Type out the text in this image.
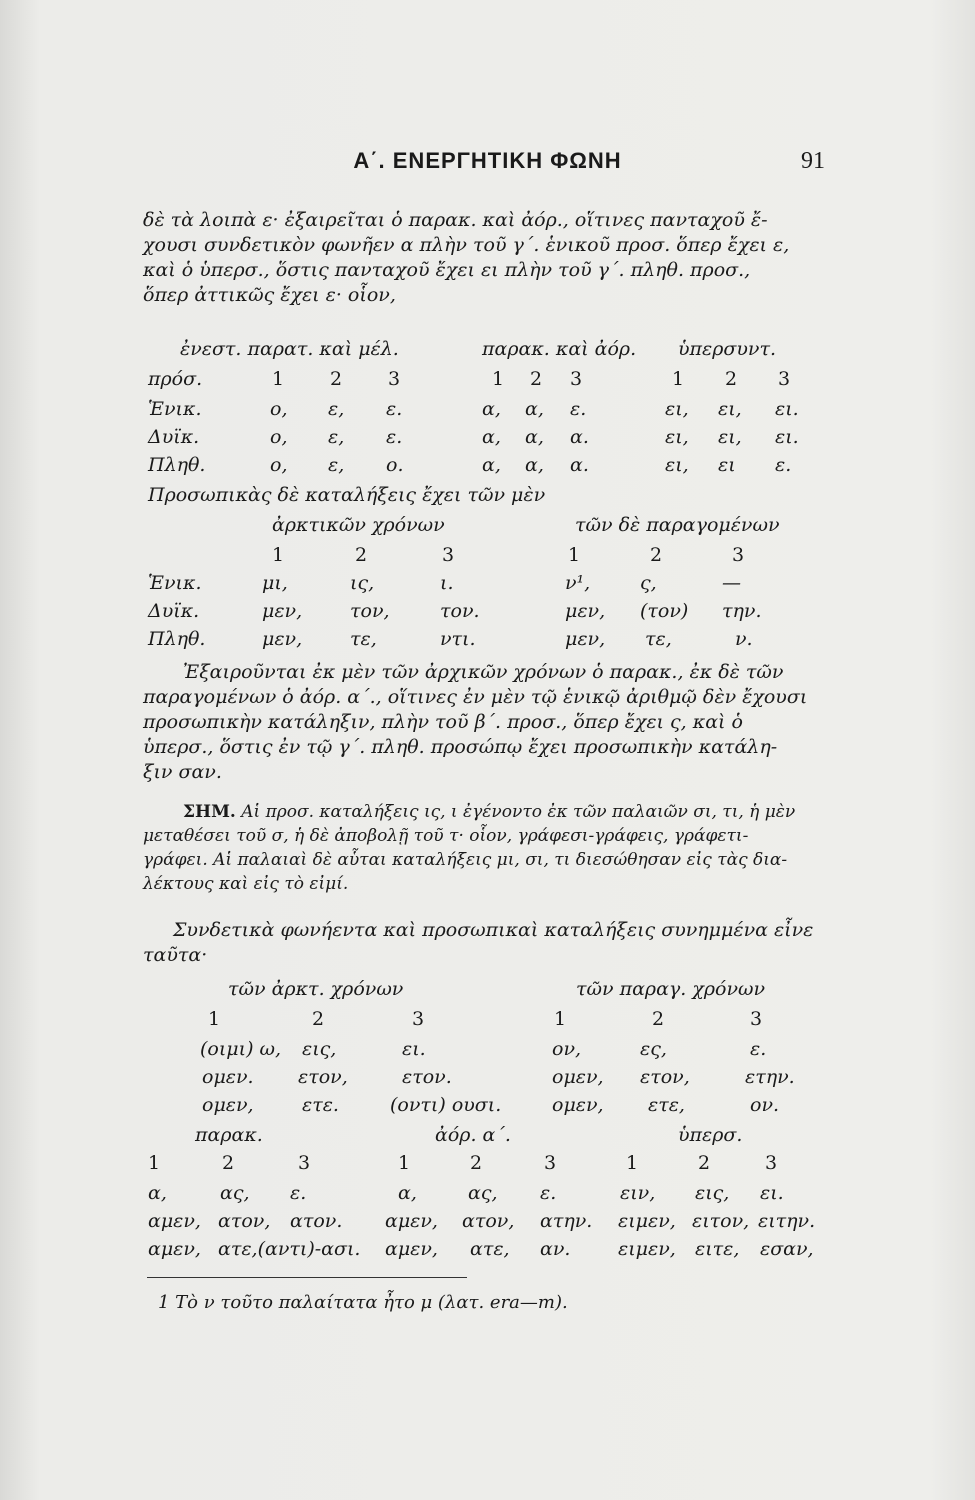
Α΄. ΕΝΕΡΓΗΤΙΚΗ ΦΩΝΗ	91
δὲ τὰ λοιπὰ ε· ἐξαιρεῖται ὁ παρακ. καὶ ἀόρ., οἵτινες πανταχοῦ ἔ-
χουσι συνδετικὸν φωνῆεν α πλὴν τοῦ γ΄. ἑνικοῦ προσ. ὅπερ ἔχει ε,
καὶ ὁ ὑπερσ., ὅστις πανταχοῦ ἔχει ει πλὴν τοῦ γ΄. πληθ. προσ.,
ὅπερ ἀττικῶς ἔχει ε· οἷον,
ἐνεστ. παρατ. καὶ μέλ.	παρακ. καὶ ἀόρ. ὑπερσυντ.
πρόσ.	1 2 3	1 2 3	1 2 3
Ἑνικ.	ο, ε, ε.	α, α, ε.	ει, ει, ει.
Δυϊκ.	ο, ε, ε.	α, α, α.	ει, ει, ει.
Πληθ.	ο, ε, ο.	α, α, α.	ει, ει ε.
Προσωπικὰς δὲ καταλήξεις ἔχει τῶν μὲν
ἀρκτικῶν χρόνων	τῶν δὲ παραγομένων
1	2	3	1	2	3
Ἑνικ.	μι,	ις,	ι.	ν¹,	ς,	—
Δυϊκ.	μεν,	τον,	τον.	μεν, (τον) την.
Πληθ.	μεν,	τε,	ντι.	μεν, τε,	ν.
Ἐξαιροῦνται ἐκ μὲν τῶν ἀρχικῶν χρόνων ὁ παρακ., ἐκ δὲ τῶν
παραγομένων ὁ ἀόρ. α΄., οἵτινες ἐν μὲν τῷ ἑνικῷ ἀριθμῷ δὲν ἔχουσι
προσωπικὴν κατάληξιν, πλὴν τοῦ β΄. προσ., ὅπερ ἔχει ς, καὶ ὁ
ὑπερσ., ὅστις ἐν τῷ γ΄. πληθ. προσώπῳ ἔχει προσωπικὴν κατάλη-
ξιν σαν.
ΣΗΜ. Αἱ προσ. καταλήξεις ις, ι ἐγένοντο ἐκ τῶν παλαιῶν σι, τι, ἡ μὲν
μεταθέσει τοῦ σ, ἡ δὲ ἀποβολῇ τοῦ τ· οἷον, γράφεσι-γράφεις, γράφετι-
γράφει. Αἱ παλαιαὶ δὲ αὗται καταλήξεις μι, σι, τι διεσώθησαν εἰς τὰς δια-
λέκτους καὶ εἰς τὸ εἰμί.
Συνδετικὰ φωνήεντα καὶ προσωπικαὶ καταλήξεις συνημμένα εἶνε
ταῦτα·
τῶν ἀρκτ. χρόνων	τῶν παραγ. χρόνων
1	2	3	1	2	3
(οιμι) ω, εις,	ει.	ον,	ες,	ε.
ομεν. ετον,	ετον.	ομεν, ετον,	ετην.
ομεν,	ετε.	(οντι) ουσι.	ομεν, ετε,	ον.
παρακ.	ἀόρ. α΄.	ὑπερσ.
1	2	3	1	2	3	1	2	3
α,	ας, ε.	α,	ας, ε.	ειν, εις, ει.
αμεν, ατον, ατον. αμεν, ατον, ατην. ειμεν, ειτον, ειτην.
αμεν, ατε,(αντι)-ασι. αμεν, ατε, αν.	ειμεν, ειτε, εσαν,
1 Τὸ ν τοῦτο παλαίτατα ἦτο μ (λατ. era—m).
